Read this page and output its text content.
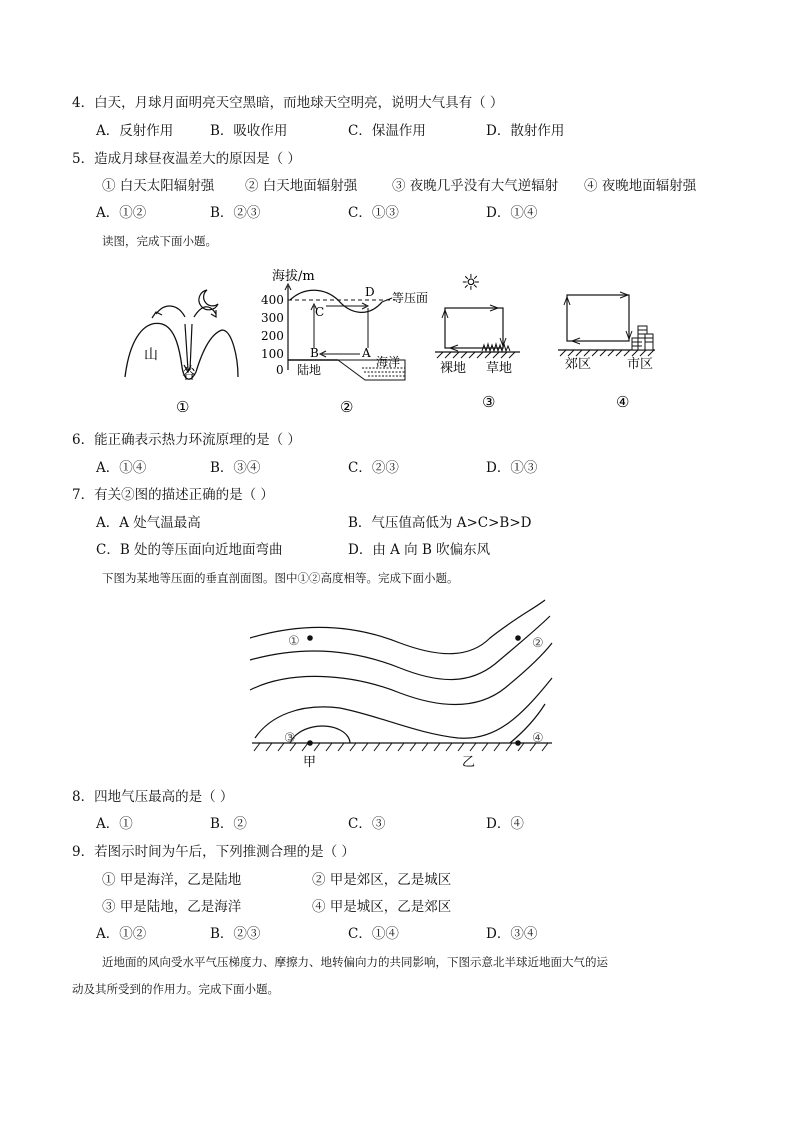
4．白天，月球月面明亮天空黑暗，而地球天空明亮，说明大气具有（ ）
A．反射作用	B．吸收作用	C．保温作用	D．散射作用
5．造成月球昼夜温差大的原因是（ ）
① 白天太阳辐射强 ② 白天地面辐射强	③ 夜晚几乎没有大气逆辐射 ④ 夜晚地面辐射强
A．①②	B．②③	C．①③	D．①④
读图，完成下面小题。
山
谷
①
海拔/m
400
300
200
100
0
等压面
D
C
B	A
陆地
海洋
②
☼
裸地 草地
③
郊区	市区
④
6．能正确表示热力环流原理的是（ ）
A．①④	B．③④	C．②③	D．①③
7．有关②图的描述正确的是（ ）
A．A 处气温最高	B．气压值高低为 A>C>B>D
C．B 处的等压面向近地面弯曲	D．由 A 向 B 吹偏东风
下图为某地等压面的垂直剖面图。图中①②高度相等。完成下面小题。
①	②
③	④
甲	乙
8．四地气压最高的是（ ）
A．①	B．②	C．③	D．④
9．若图示时间为午后，下列推测合理的是（ ）
① 甲是海洋，乙是陆地	② 甲是郊区，乙是城区
③ 甲是陆地，乙是海洋	④ 甲是城区，乙是郊区
A．①②	B．②③	C．①④	D．③④
近地面的风向受水平气压梯度力、摩擦力、地转偏向力的共同影响，下图示意北半球近地面大气的运
动及其所受到的作用力。完成下面小题。
